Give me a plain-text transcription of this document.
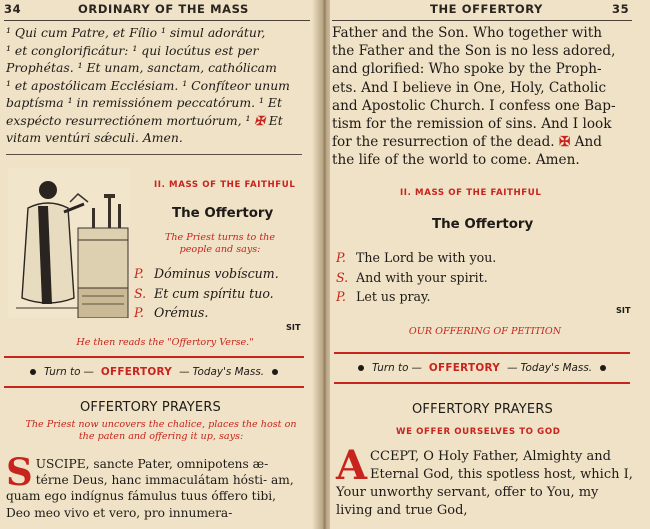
34	ORDINARY OF THE MASS

¹ Qui cum Patre, et Fílio ¹ simul adorátur,

¹ et conglorificátur: ¹ qui locútus est per

Prophétas. ¹ Et unam, sanctam, cathólicam

¹ et apostólicam Ecclésiam. ¹ Confíteor unum

baptísma ¹ in remissiónem peccatórum. ¹ Et

exspécto resurrectiónem mortuórum, ¹ ✠ Et

vitam ventúri sǽculi. Amen.

II. MASS OF THE FAITHFUL
The Offertory
The Priest turns to the people and says:
P. Dóminus vobíscum.
S. Et cum spíritu tuo.
P. Orémus.
SIT
He then reads the "Offertory Verse."
Turn to — OFFERTORY — Today's Mass.
OFFERTORY PRAYERS
The Priest now uncovers the chalice, places the host on the paten and offering it up, says:
SUSCIPE, sancte Pater, omnipotens æ- térne Deus, hanc immaculátam hósti- am, quam ego indígnus fámulus tuus óffero tibi, Deo meo vivo et vero, pro innumera-
THE OFFERTORY	35

Father and the Son. Who together with

the Father and the Son is no less adored,

and glorified: Who spoke by the Proph-

ets. And I believe in One, Holy, Catholic

and Apostolic Church. I confess one Bap-

tism for the remission of sins. And I look

for the resurrection of the dead. ✠ And

the life of the world to come. Amen.

II. MASS OF THE FAITHFUL
The Offertory
P. The Lord be with you.
S. And with your spirit.
P. Let us pray.
SIT
OUR OFFERING OF PETITION
Turn to — OFFERTORY — Today's Mass.
OFFERTORY PRAYERS
WE OFFER OURSELVES TO GOD
ACCEPT, O Holy Father, Almighty and Eternal God, this spotless host, which I, Your unworthy servant, offer to You, my living and true God,
